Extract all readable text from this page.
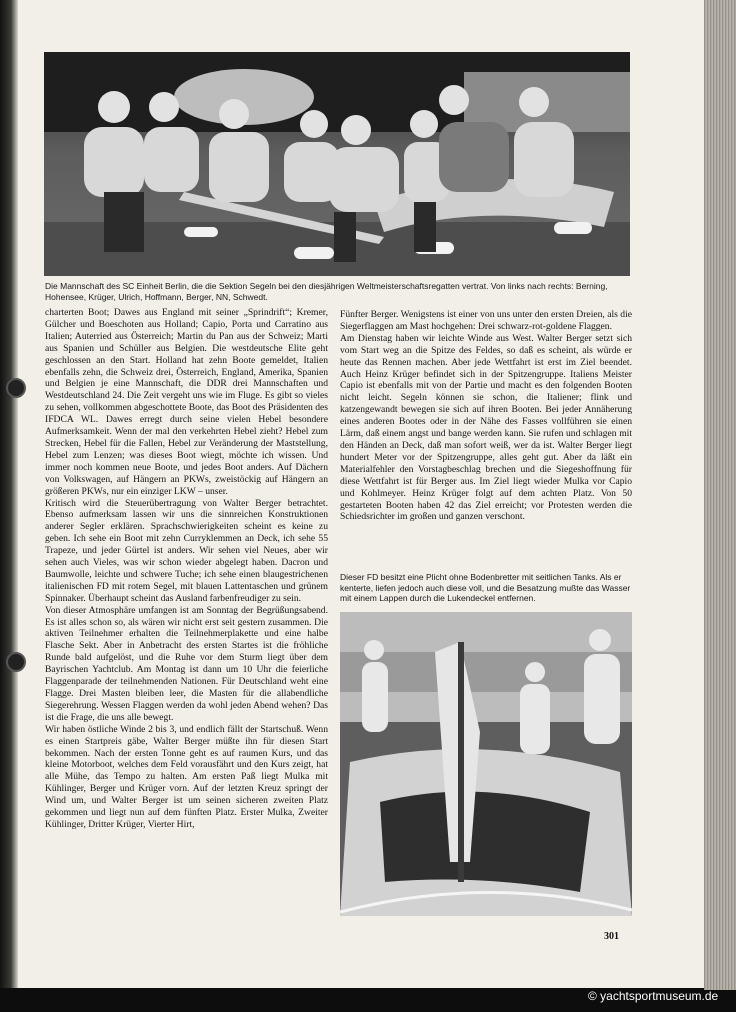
Die Mannschaft des SC Einheit Berlin, die die Sektion Segeln bei den diesjährigen Weltmeisterschaftsregatten vertrat. Von links nach rechts: Berning, Hohensee, Krüger, Ulrich, Hoffmann, Berger, NN, Schwedt.

charterten Boot; Dawes aus England mit seiner „Sprindrift“; Kremer, Gülcher und Boeschoten aus Holland; Capio, Porta und Carratino aus Italien; Auterried aus Österreich; Martin du Pan aus der Schweiz; Marti aus Spanien und Schüller aus Belgien. Die westdeutsche Elite geht geschlossen an den Start. Holland hat zehn Boote gemeldet, Italien ebenfalls zehn, die Schweiz drei, Österreich, England, Amerika, Spanien und Belgien je eine Mannschaft, die DDR drei Mannschaften und Westdeutschland 24. Die Zeit vergeht uns wie im Fluge. Es gibt so vieles zu sehen, vollkommen abgeschottete Boote, das Boot des Präsidenten des IFDCA WL. Dawes erregt durch seine vielen Hebel besondere Aufmerksamkeit. Wenn der mal den verkehrten Hebel zieht? Hebel zum Strecken, Hebel für die Fallen, Hebel zur Veränderung der Maststellung, Hebel zum Lenzen; was dieses Boot wiegt, möchte ich wissen. Und immer noch kommen neue Boote, und jedes Boot anders. Auf Dächern von Volkswagen, auf Hängern an PKWs, zweistöckig auf Hängern an größeren PKWs, nur ein einziger LKW – unser.

Kritisch wird die Steuerübertragung von Walter Berger betrachtet. Ebenso aufmerksam lassen wir uns die sinnreichen Konstruktionen anderer Segler erklären. Sprachschwierigkeiten scheint es keine zu geben. Ich sehe ein Boot mit zehn Curryklemmen an Deck, ich sehe 55 Trapeze, und jeder Gürtel ist anders. Wir sehen viel Neues, aber wir sehen auch Vieles, was wir schon wieder abgelegt haben. Dacron und Baumwolle, leichte und schwere Tuche; ich sehe einen blaugestrichenen italienischen FD mit rotem Segel, mit blauen Lattentaschen und grünem Spinnaker. Überhaupt scheint das Ausland farbenfreudiger zu sein.

Von dieser Atmosphäre umfangen ist am Sonntag der Begrüßungsabend. Es ist alles schon so, als wären wir nicht erst seit gestern zusammen. Die aktiven Teilnehmer erhalten die Teilnehmerplakette und eine halbe Flasche Sekt. Aber in Anbetracht des ersten Startes ist die fröhliche Runde bald aufgelöst, und die Ruhe vor dem Sturm liegt über dem Bayrischen Yachtclub. Am Montag ist dann um 10 Uhr die feierliche Flaggenparade der teilnehmenden Nationen. Für Deutschland weht eine Flagge. Drei Masten bleiben leer, die Masten für die allabendliche Siegerehrung. Wessen Flaggen werden da wohl jeden Abend wehen? Das ist die Frage, die uns alle bewegt.

Wir haben östliche Winde 2 bis 3, und endlich fällt der Startschuß. Wenn es einen Startpreis gäbe, Walter Berger müßte ihn für diesen Start bekommen. Nach der ersten Tonne geht es auf raumen Kurs, und das kleine Motorboot, welches dem Feld vorausfährt und den Kurs zeigt, hat alle Mühe, das Tempo zu halten. Am ersten Paß liegt Mulka mit Kühlinger, Berger und Krüger vorn. Auf der letzten Kreuz springt der Wind um, und Walter Berger ist um seinen sicheren zweiten Platz gekommen und liegt nun auf dem fünften Platz. Erster Mulka, Zweiter Kühlinger, Dritter Krüger, Vierter Hirt,

Fünfter Berger. Wenigstens ist einer von uns unter den ersten Dreien, als die Siegerflaggen am Mast hochgehen: Drei schwarz-rot-goldene Flaggen.

Am Dienstag haben wir leichte Winde aus West. Walter Berger setzt sich vom Start weg an die Spitze des Feldes, so daß es scheint, als würde er heute das Rennen machen. Aber jede Wettfahrt ist erst im Ziel beendet. Auch Heinz Krüger befindet sich in der Spitzengruppe. Italiens Meister Capio ist ebenfalls mit von der Partie und macht es den folgenden Booten nicht leicht. Segeln können sie schon, die Italiener; flink und katzengewandt bewegen sie sich auf ihren Booten. Bei jeder Annäherung eines anderen Bootes oder in der Nähe des Fasses vollführen sie einen Lärm, daß einem angst und bange werden kann. Sie rufen und schlagen mit den Händen an Deck, daß man sofort weiß, wer da ist. Walter Berger liegt hundert Meter vor der Spitzengruppe, alles geht gut. Aber da läßt ein Materialfehler den Vorstagbeschlag brechen und die Siegeshoffnung für diese Wettfahrt ist für Berger aus. Im Ziel liegt wieder Mulka vor Capio und Kohlmeyer. Heinz Krüger folgt auf dem achten Platz. Von 50 gestarteten Booten haben 42 das Ziel erreicht; vor Protesten werden die Schiedsrichter im großen und ganzen verschont.

Dieser FD besitzt eine Plicht ohne Bodenbretter mit seitlichen Tanks. Als er kenterte, liefen jedoch auch diese voll, und die Besatzung mußte das Wasser mit einem Lappen durch die Lukendeckel entfernen.
301
© yachtsportmuseum.de
